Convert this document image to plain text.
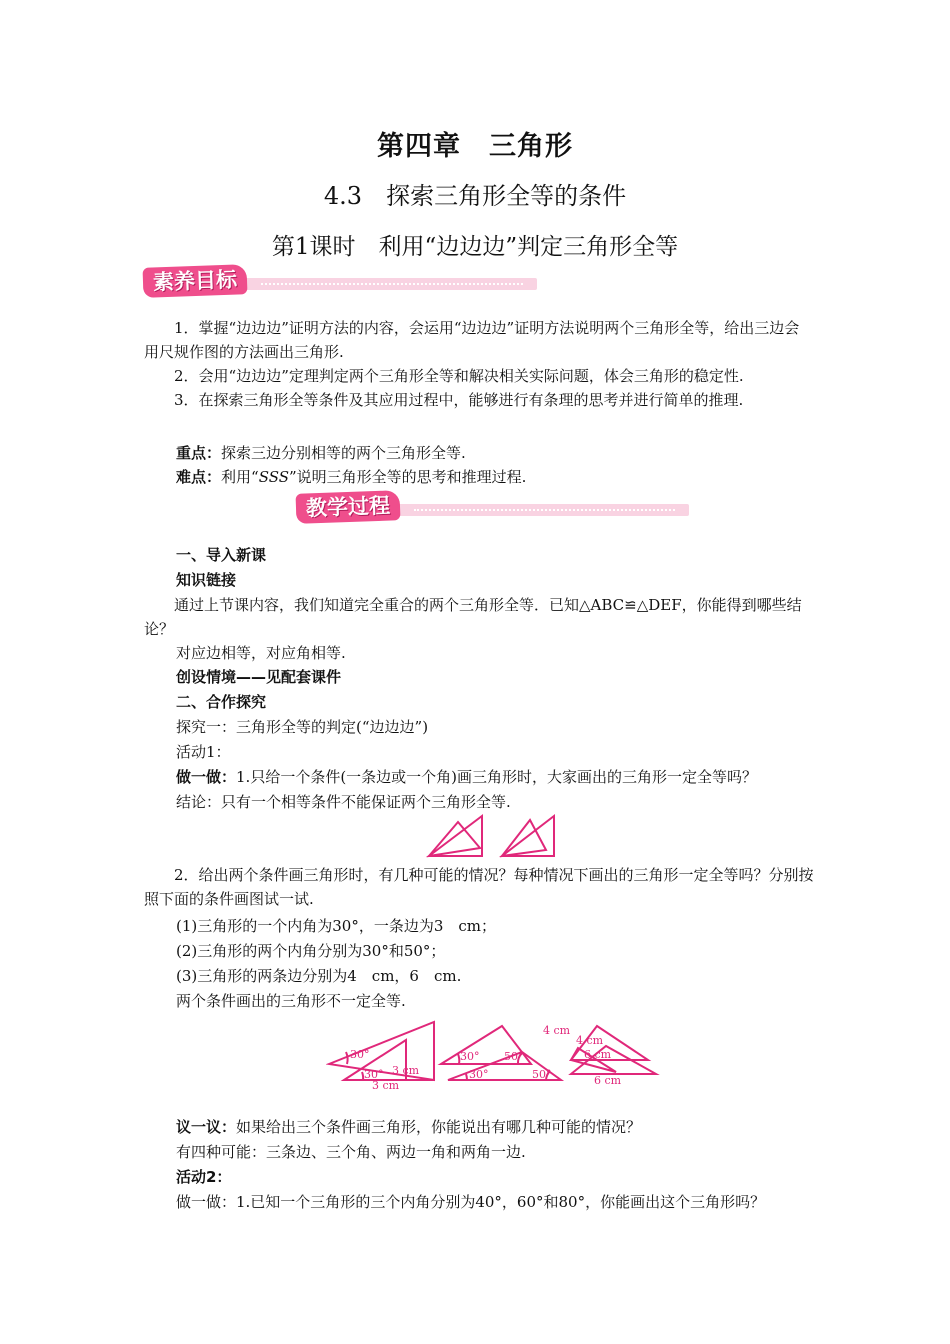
第四章　三角形
4.3　探索三角形全等的条件
第1课时　利用“边边边”判定三角形全等
素养目标

1．掌握“边边边”证明方法的内容，会运用“边边边”证明方法说明两个三角形全等，给出三边会用尺规作图的方法画出三角形.

2．会用“边边边”定理判定两个三角形全等和解决相关实际问题，体会三角形的稳定性.

3．在探索三角形全等条件及其应用过程中，能够进行有条理的思考并进行简单的推理.

重点：探索三边分别相等的两个三角形全等.
难点：利用“SSS”说明三角形全等的思考和推理过程.
教学过程
一、导入新课
知识链接

通过上节课内容，我们知道完全重合的两个三角形全等．已知△ABC≌△DEF，你能得到哪些结论？

对应边相等，对应角相等.
创设情境——见配套课件
二、合作探究
探究一：三角形全等的判定(“边边边”)
活动1：
做一做：1.只给一个条件(一条边或一个角)画三角形时，大家画出的三角形一定全等吗？
结论：只有一个相等条件不能保证两个三角形全等.

2．给出两个条件画三角形时，有几种可能的情况？每种情况下画出的三角形一定全等吗？分别按照下面的条件画图试一试.

(1)三角形的一个内角为30°，一条边为3　cm；
(2)三角形的两个内角分别为30°和50°；
(3)三角形的两条边分别为4　cm，6　cm.
两个条件画出的三角形不一定全等.
30°
30° 3 cm
3 cm
30° 50°
30°	50°
4 cm
4 cm
6 cm
6 cm
议一议：如果给出三个条件画三角形，你能说出有哪几种可能的情况？
有四种可能：三条边、三个角、两边一角和两角一边.
活动2：
做一做：1.已知一个三角形的三个内角分别为40°，60°和80°，你能画出这个三角形吗？
